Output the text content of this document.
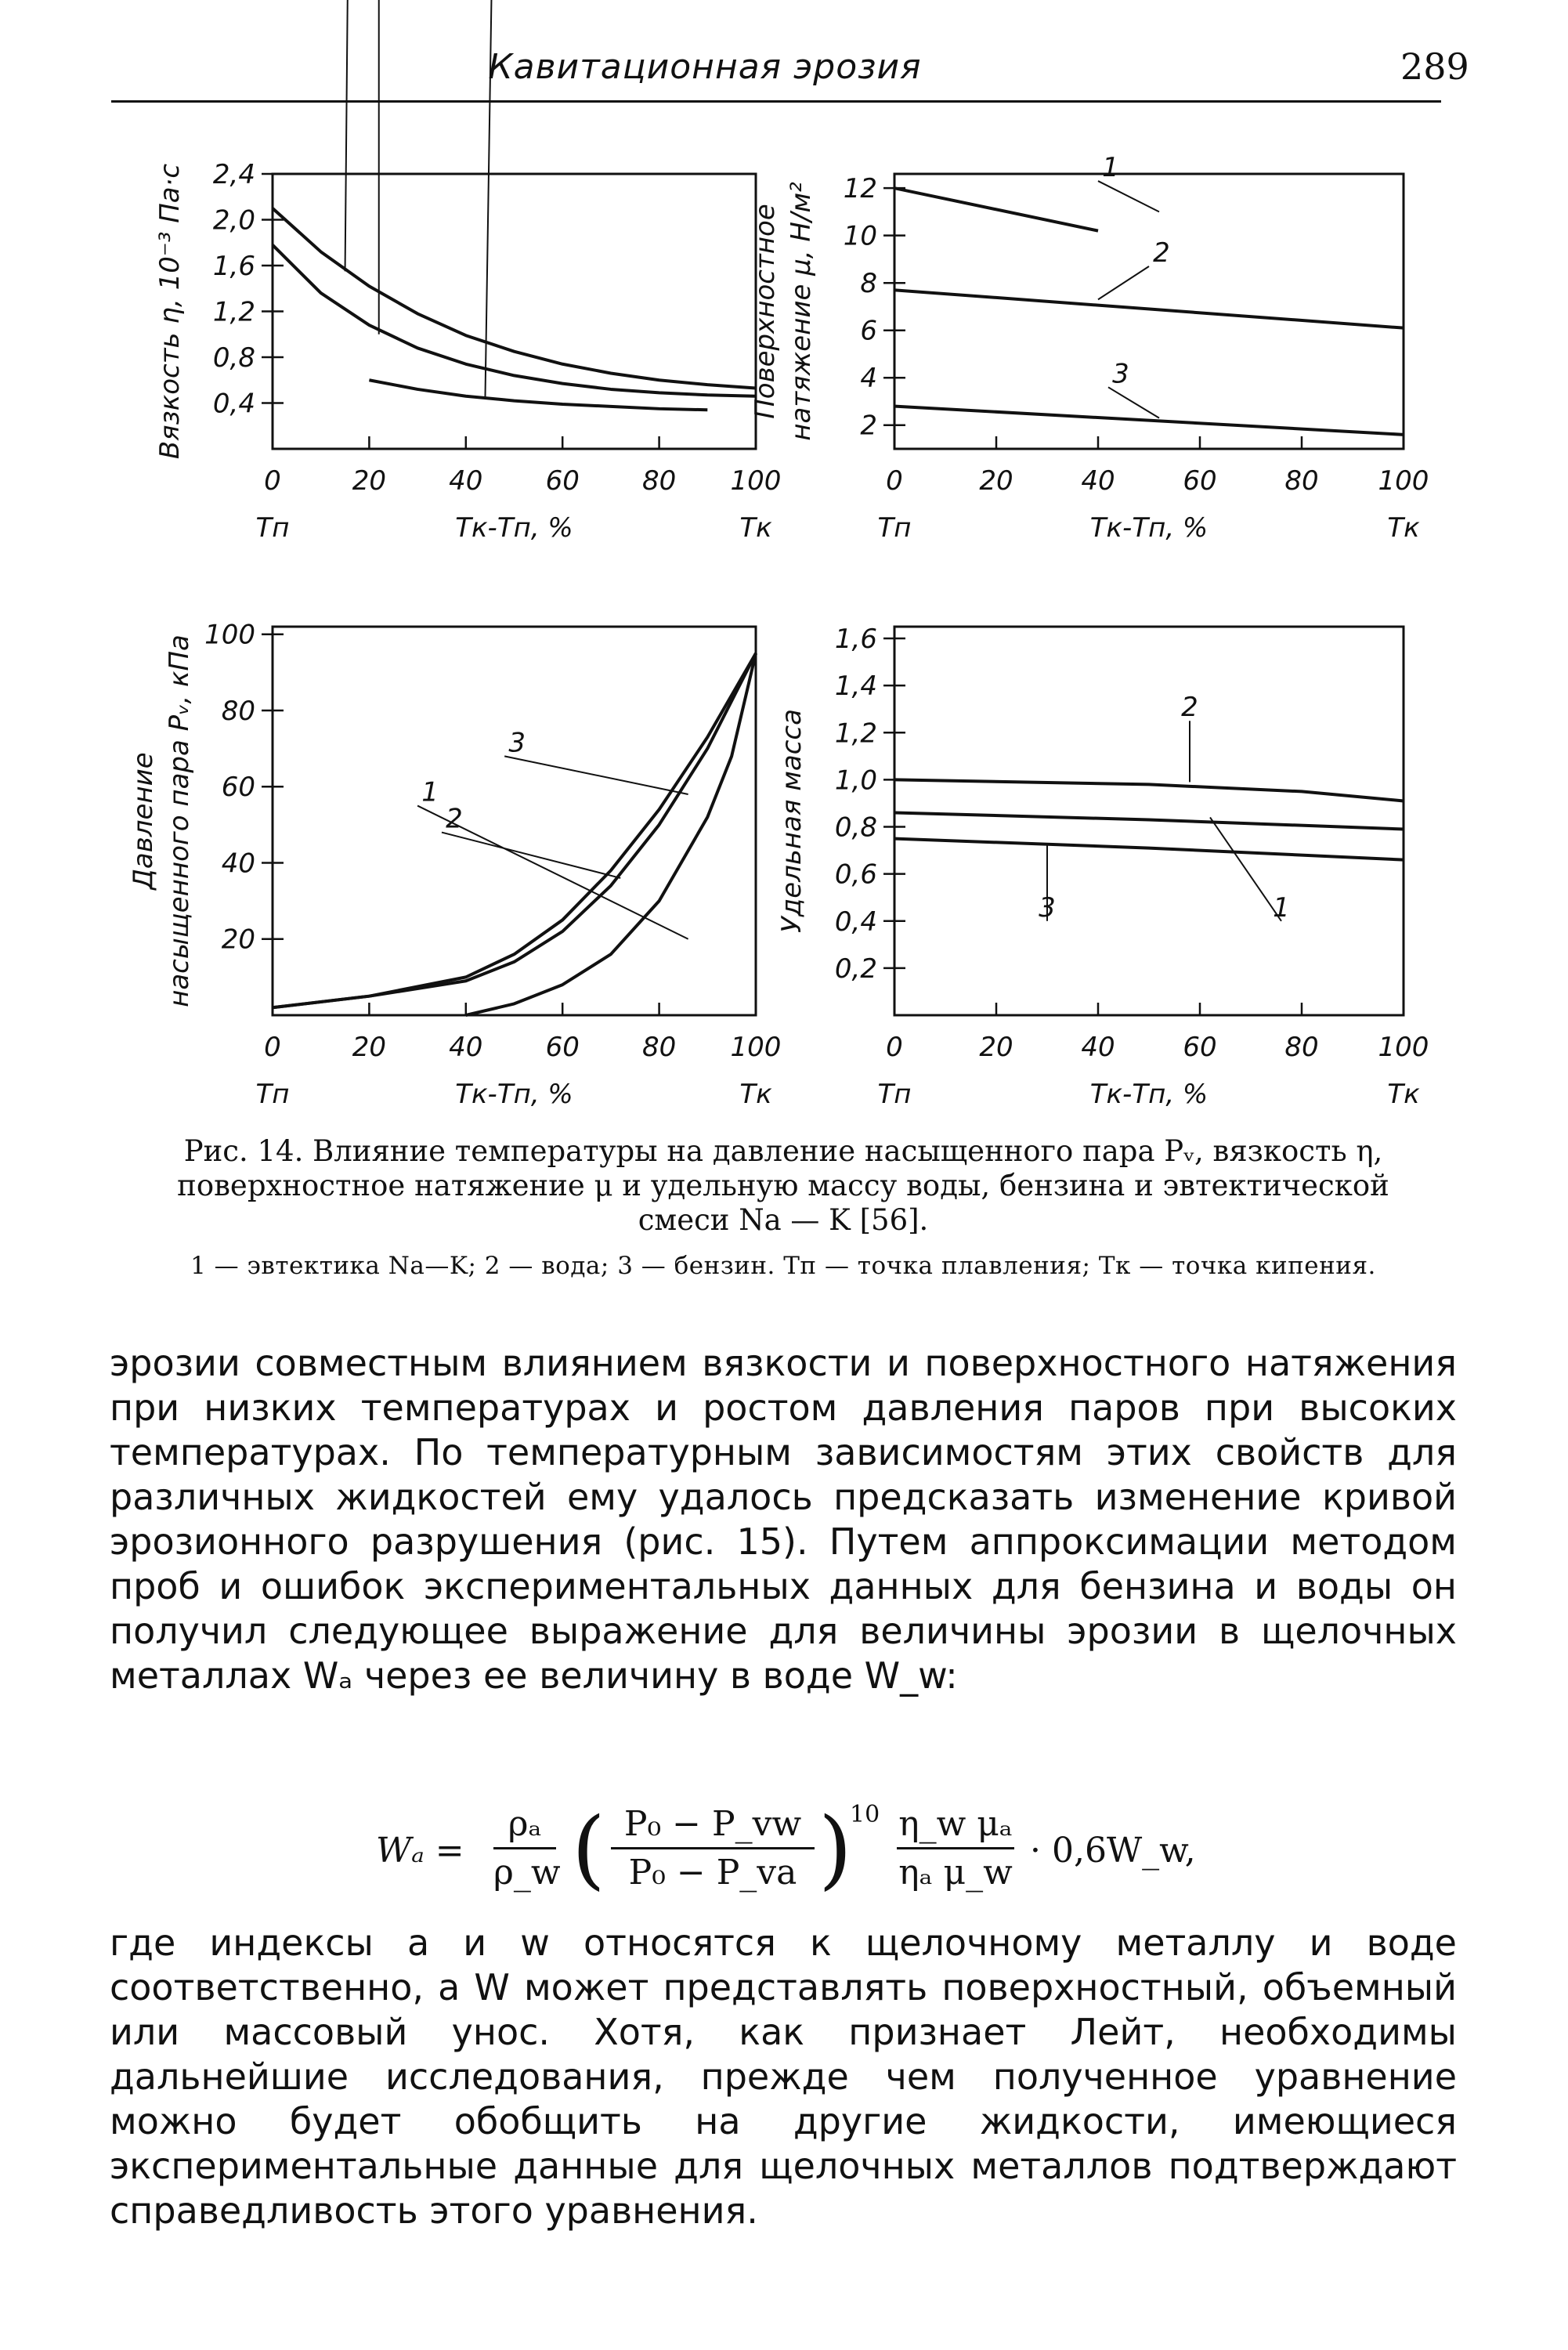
Кавитационная эрозия	289
0,4
0,8
1,2
1,6
2,0
2,4
0	20 40 60 80 100
Tп	Tк-Tп, %	Tк
Вязкость η, 10⁻³ Па·с	2
4
6
8
10
12
0	20	40	60	80 100
Tп	Tк-Tп, %	Tк
Поверхностное натяжение μ, Н/м²
1
2
3
20
40
60
80
100
0	20 40 60 80 100
Tп	Tк-Tп, %	Tк
Давление насыщенного пара Pᵥ, кПа	1
2
3
0,2
0,4
0,6
0,8
1,0
1,2
1,4
1,6
0	20	40	60	80 100
Tп	Tк-Tп, %	Tк
Удельная масса	1
2
3
Рис. 14. Влияние температуры на давление насыщенного пара Pᵥ, вязкость η,
поверхностное натяжение μ и удельную массу воды, бензина и эвтектической
смеси Na — K [56].
1 — эвтектика Na—K; 2 — вода; 3 — бензин. Tп — точка плавления; Tк — точка кипения.
эрозии совместным влиянием вязкости и поверхностного натяжения при низких температурах и ростом давления паров при высоких температурах. По температурным зависимостям этих свойств для различных жидкостей ему удалось предсказать изменение кривой эрозионного разрушения (рис. 15). Путем аппроксимации методом проб и ошибок экспериментальных данных для бензина и воды он получил следующее выражение для величины эрозии в щелочных металлах Wₐ через ее величину в воде W_w:
Wₐ =
ρₐ
ρ_w ( P₀ − P_vw
P₀ − P_va )
10 η_w μₐ
ηₐ μ_w
· 0,6W_w,
где индексы a и w относятся к щелочному металлу и воде соответственно, а W может представлять поверхностный, объемный или массовый унос. Хотя, как признает Лейт, необходимы дальнейшие исследования, прежде чем полученное уравнение можно будет обобщить на другие жидкости, имеющиеся экспериментальные данные для щелочных металлов подтверждают справедливость этого уравнения.
